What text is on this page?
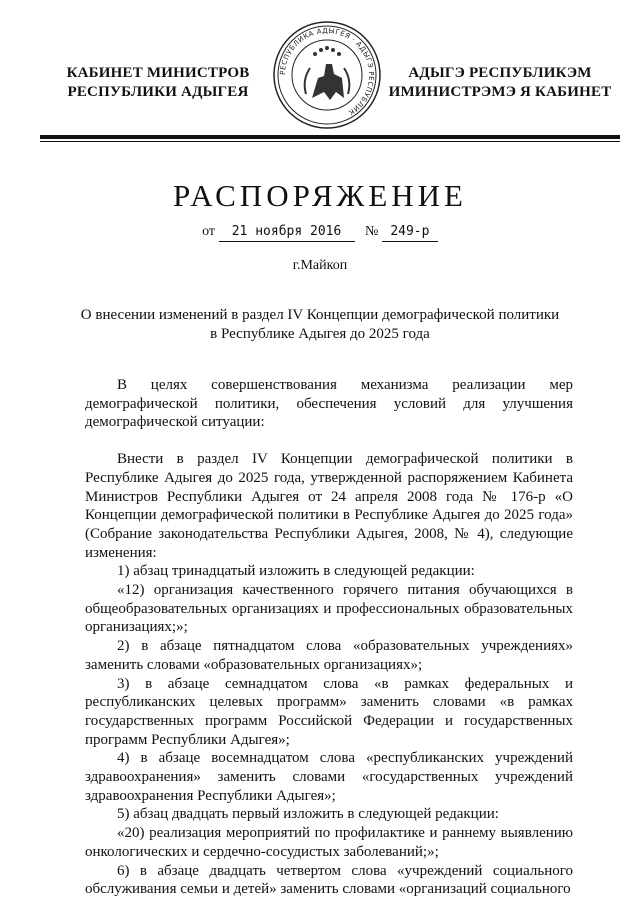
КАБИНЕТ МИНИСТРОВ
РЕСПУБЛИКИ АДЫГЕЯ
РЕСПУБЛИКА АДЫГЕЯ · АДЫГЭ РЕСПУБЛИК
АДЫГЭ РЕСПУБЛИКЭМ
ИМИНИСТРЭМЭ Я КАБИНЕТ
РАСПОРЯЖЕНИЕ
от 21 ноября 2016 № 249-р
г.Майкоп
О внесении изменений в раздел IV Концепции демографической политики в Республике Адыгея до 2025 года

В целях совершенствования механизма реализации мер демографической политики, обеспечения условий для улучшения демографической ситуации:

Внести в раздел IV Концепции демографической политики в Республике Адыгея до 2025 года, утвержденной распоряжением Кабинета Министров Республики Адыгея от 24 апреля 2008 года № 176-р «О Концепции демографической политики в Республике Адыгея до 2025 года» (Собрание законодательства Республики Адыгея, 2008, № 4), следующие изменения:

1) абзац тринадцатый изложить в следующей редакции:

«12) организация качественного горячего питания обучающихся в общеобразовательных организациях и профессиональных образовательных организациях;»;

2) в абзаце пятнадцатом слова «образовательных учреждениях» заменить словами «образовательных организациях»;

3) в абзаце семнадцатом слова «в рамках федеральных и республиканских целевых программ» заменить словами «в рамках государственных программ Российской Федерации и государственных программ Республики Адыгея»;

4) в абзаце восемнадцатом слова «республиканских учреждений здравоохранения» заменить словами «государственных учреждений здравоохранения Республики Адыгея»;

5) абзац двадцать первый изложить в следующей редакции:

«20) реализация мероприятий по профилактике и раннему выявлению онкологических и сердечно-сосудистых заболеваний;»;

6) в абзаце двадцать четвертом слова «учреждений социального обслуживания семьи и детей» заменить словами «организаций социального
